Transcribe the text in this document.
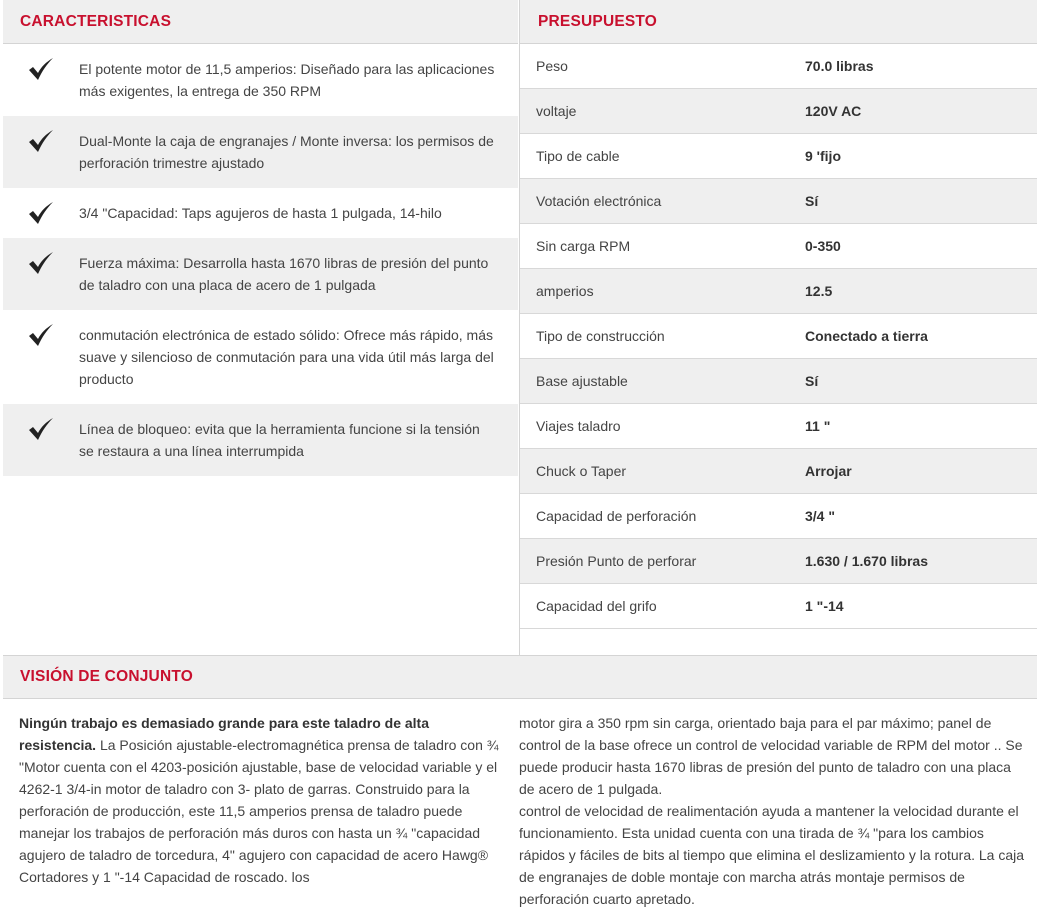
CARACTERISTICAS
El potente motor de 11,5 amperios: Diseñado para las aplicaciones más exigentes, la entrega de 350 RPM
Dual-Monte la caja de engranajes / Monte inversa: los permisos de perforación trimestre ajustado
3/4 "Capacidad: Taps agujeros de hasta 1 pulgada, 14-hilo
Fuerza máxima: Desarrolla hasta 1670 libras de presión del punto de taladro con una placa de acero de 1 pulgada
conmutación electrónica de estado sólido: Ofrece más rápido, más suave y silencioso de conmutación para una vida útil más larga del producto
Línea de bloqueo: evita que la herramienta funcione si la tensión se restaura a una línea interrumpida
PRESUPUESTO
Peso	70.0 libras
voltaje	120V AC
Tipo de cable	9 'fijo
Votación electrónica	Sí
Sin carga RPM	0-350
amperios	12.5
Tipo de construcción	Conectado a tierra
Base ajustable	Sí
Viajes taladro	11 "
Chuck o Taper	Arrojar
Capacidad de perforación	3/4 "
Presión Punto de perforar	1.630 / 1.670 libras
Capacidad del grifo	1 "-14
VISIÓN DE CONJUNTO
Ningún trabajo es demasiado grande para este taladro de alta resistencia. La Posición ajustable-electromagnética prensa de taladro con ¾ "Motor cuenta con el 4203-posición ajustable, base de velocidad variable y el 4262-1 3/4-in motor de taladro con 3- plato de garras. Construido para la perforación de producción, este 11,5 amperios prensa de taladro puede manejar los trabajos de perforación más duros con hasta un ¾ "capacidad agujero de taladro de torcedura, 4" agujero con capacidad de acero Hawg® Cortadores y 1 "-14 Capacidad de roscado. los
motor gira a 350 rpm sin carga, orientado baja para el par máximo; panel de control de la base ofrece un control de velocidad variable de RPM del motor .. Se puede producir hasta 1670 libras de presión del punto de taladro con una placa de acero de 1 pulgada.
control de velocidad de realimentación ayuda a mantener la velocidad durante el funcionamiento. Esta unidad cuenta con una tirada de ¾ "para los cambios rápidos y fáciles de bits al tiempo que elimina el deslizamiento y la rotura. La caja de engranajes de doble montaje con marcha atrás montaje permisos de perforación cuarto apretado.
